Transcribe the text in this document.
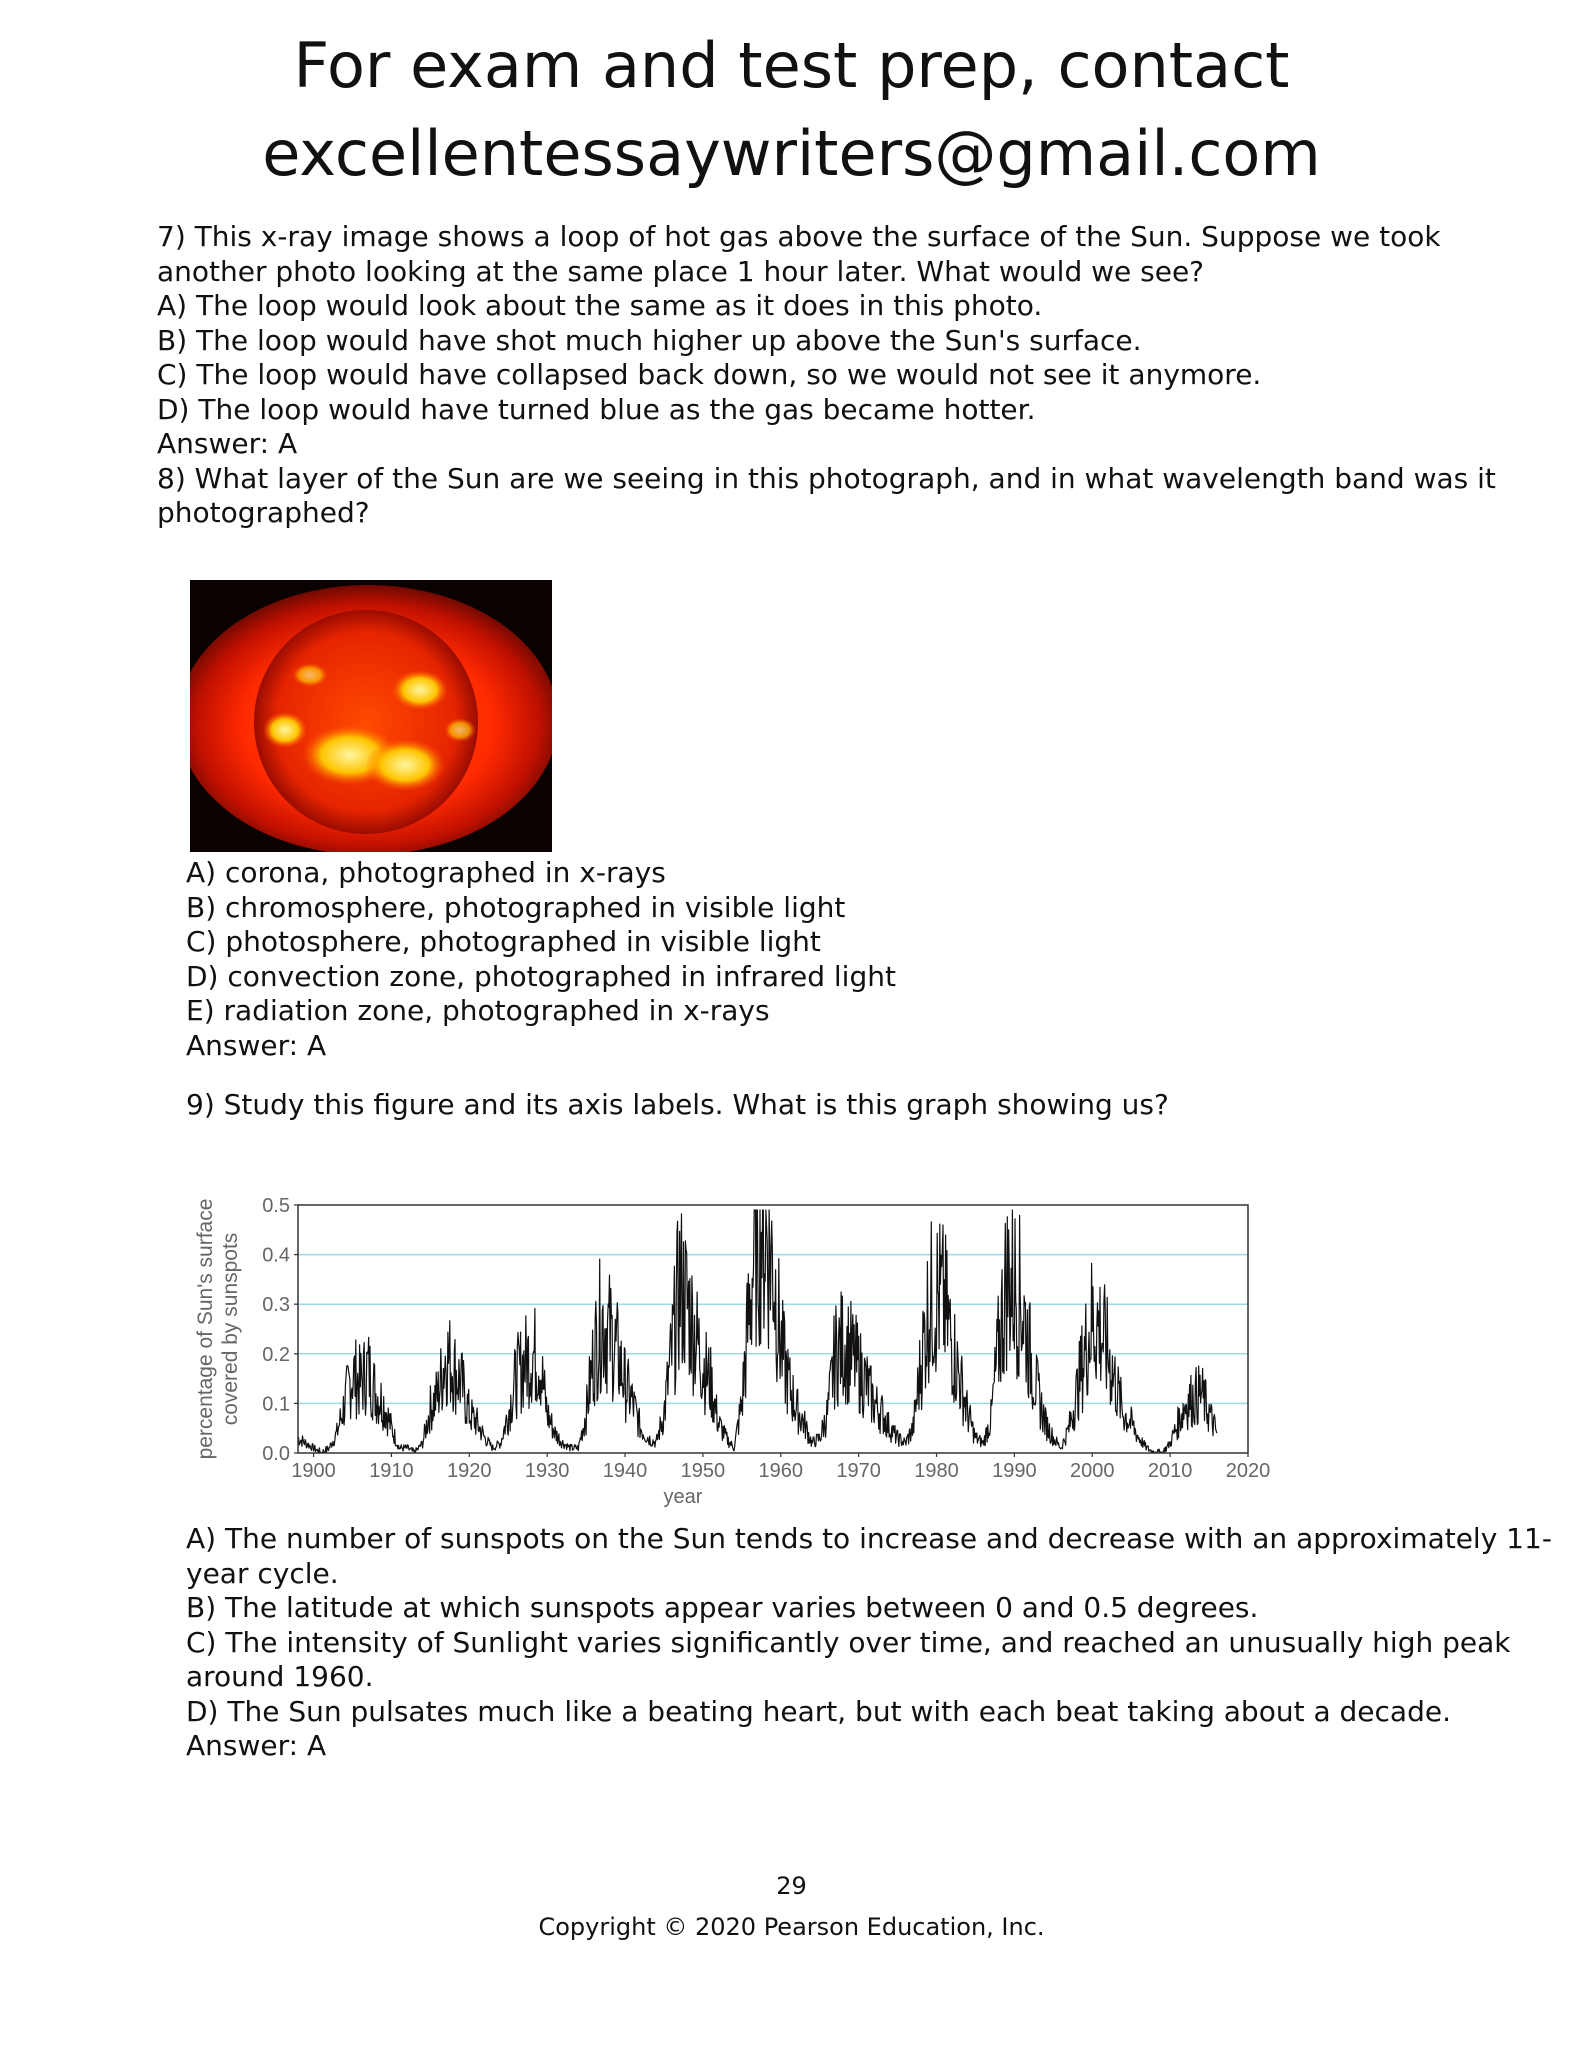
For exam and test prep, contact
excellentessaywriters@gmail.com
7) This x-ray image shows a loop of hot gas above the surface of the Sun. Suppose we took
another photo looking at the same place 1 hour later. What would we see?
A) The loop would look about the same as it does in this photo.
B) The loop would have shot much higher up above the Sun's surface.
C) The loop would have collapsed back down, so we would not see it anymore.
D) The loop would have turned blue as the gas became hotter.
Answer: A
8) What layer of the Sun are we seeing in this photograph, and in what wavelength band was it
photographed?
A) corona, photographed in x-rays
B) chromosphere, photographed in visible light
C) photosphere, photographed in visible light
D) convection zone, photographed in infrared light
E) radiation zone, photographed in x-rays
Answer: A
9) Study this figure and its axis labels. What is this graph showing us?
0.0
0.1
0.2
0.3
0.4
0.5
1900 1910 1920 1930 1940 1950 1960 1970 1980 1990 2000 2010 2020
year
percentage of Sun's surface covered by sunspots
A) The number of sunspots on the Sun tends to increase and decrease with an approximately 11-
year cycle.
B) The latitude at which sunspots appear varies between 0 and 0.5 degrees.
C) The intensity of Sunlight varies significantly over time, and reached an unusually high peak
around 1960.
D) The Sun pulsates much like a beating heart, but with each beat taking about a decade.
Answer: A
29
Copyright © 2020 Pearson Education, Inc.
